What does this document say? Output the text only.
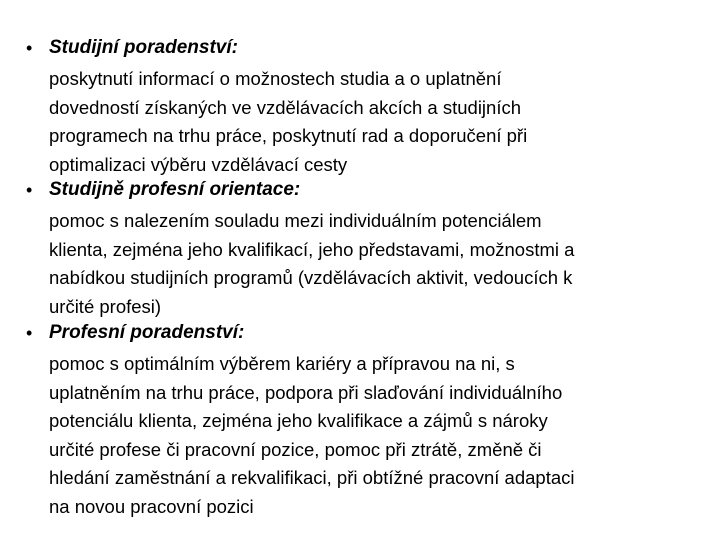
• Studijní poradenství:
poskytnutí informací o možnostech studia a o uplatnění
dovedností získaných ve vzdělávacích akcích a studijních
programech na trhu práce, poskytnutí rad a doporučení při
optimalizaci výběru vzdělávací cesty
• Studijně profesní orientace:
pomoc s nalezením souladu mezi individuálním potenciálem
klienta, zejména jeho kvalifikací, jeho představami, možnostmi a
nabídkou studijních programů (vzdělávacích aktivit, vedoucích k
určité profesi)
• Profesní poradenství:
pomoc s optimálním výběrem kariéry a přípravou na ni, s
uplatněním na trhu práce, podpora při slaďování individuálního
potenciálu klienta, zejména jeho kvalifikace a zájmů s nároky
určité profese či pracovní pozice, pomoc při ztrátě, změně či
hledání zaměstnání a rekvalifikaci, při obtížné pracovní adaptaci
na novou pracovní pozici
